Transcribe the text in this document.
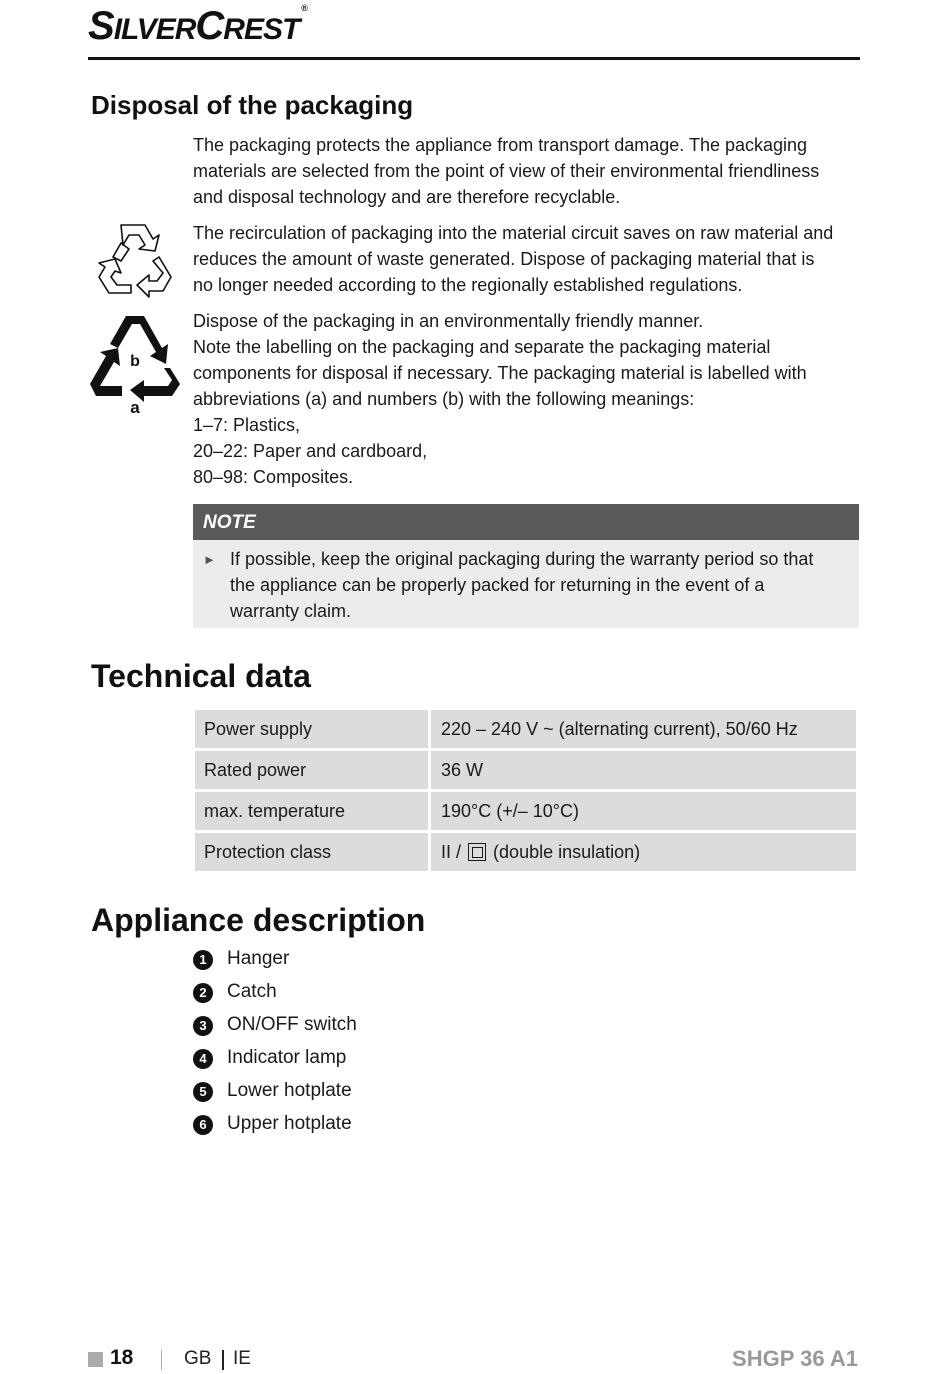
SILVERCREST®
Disposal of the packaging
The packaging protects the appliance from transport damage. The packaging
materials are selected from the point of view of their environmental friendliness
and disposal technology and are therefore recyclable.
The recirculation of packaging into the material circuit saves on raw material and
reduces the amount of waste generated. Dispose of packaging material that is
no longer needed according to the regionally established regulations.
b
a
Dispose of the packaging in an environmentally friendly manner.
Note the labelling on the packaging and separate the packaging material
components for disposal if necessary. The packaging material is labelled with
abbreviations (a) and numbers (b) with the following meanings:
1–7: Plastics,
20–22: Paper and cardboard,
80–98: Composites.
NOTE
► If possible, keep the original packaging during the warranty period so that
the appliance can be properly packed for returning in the event of a
warranty claim.
Technical data
Power supply	220 – 240 V ~ (alternating current), 50/60 Hz
Rated power	36 W
max. temperature	190°C (+/– 10°C)
Protection class	II / (double insulation)
Appliance description
1	Hanger
2	Catch
3	ON/OFF switch
4	Indicator lamp
5	Lower hotplate
6	Upper hotplate
18	GB IE	SHGP 36 A1
